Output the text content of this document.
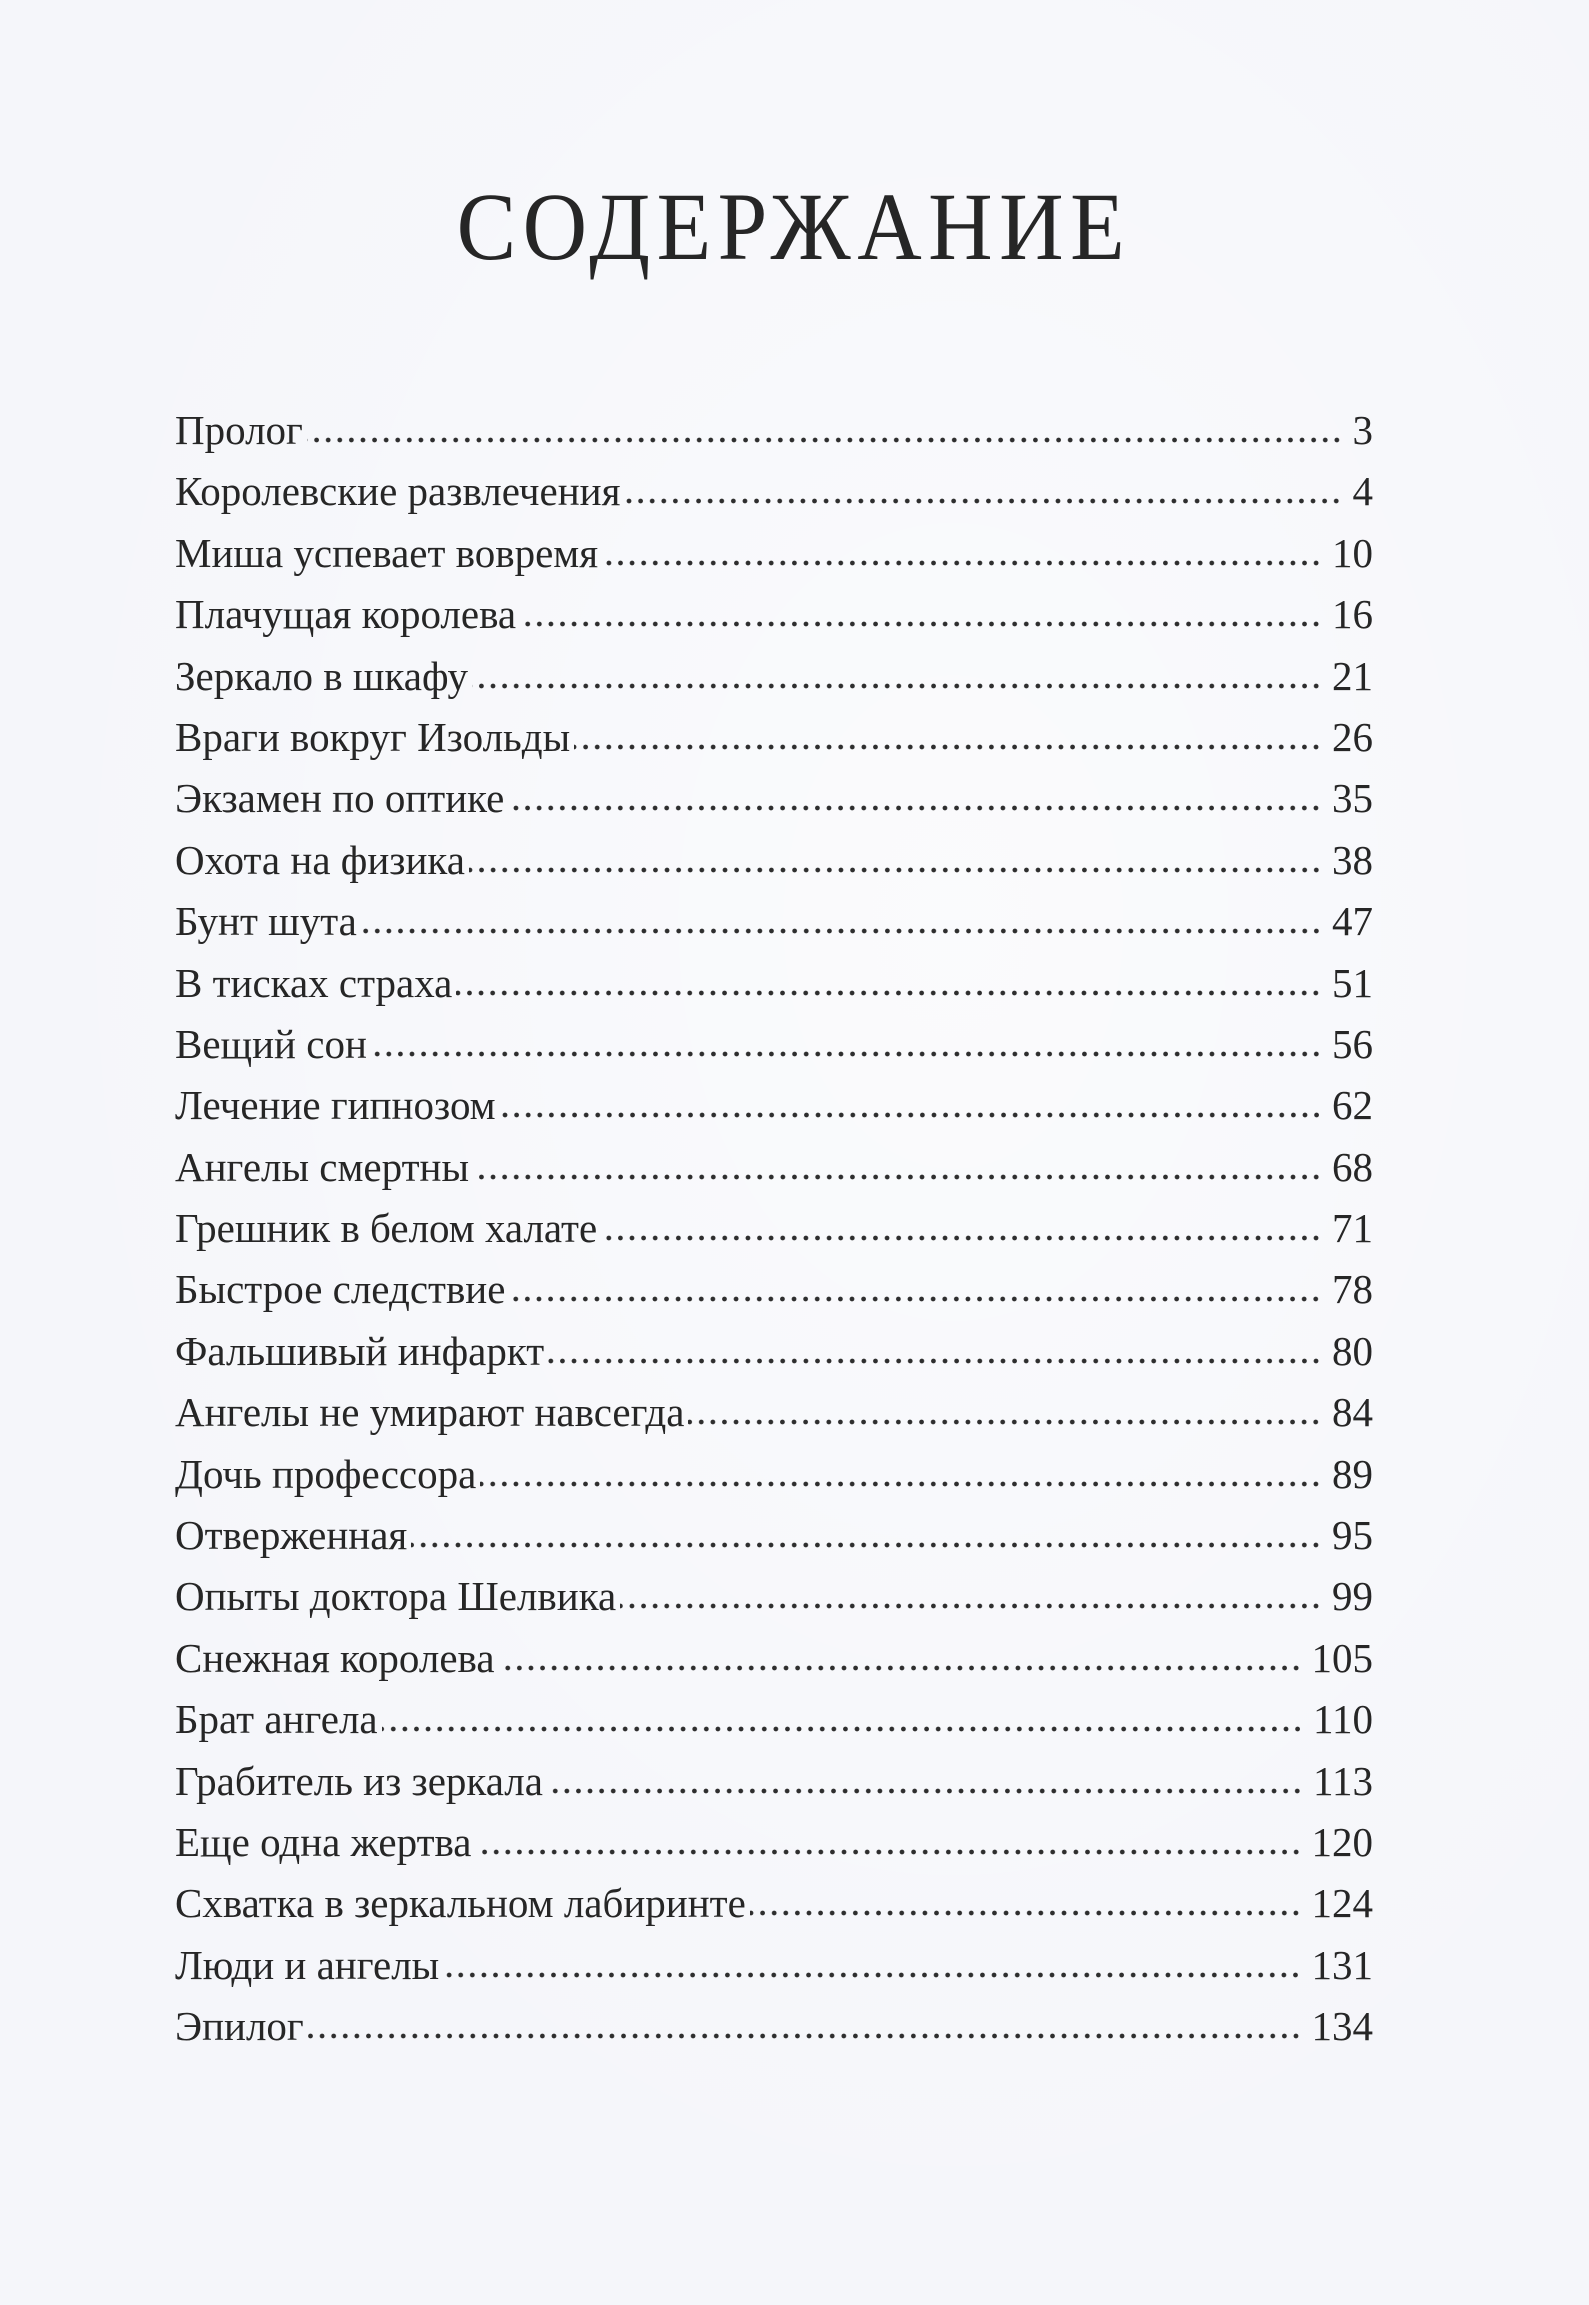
СОДЕРЖАНИЕ
Пролог	3
Королевские развлечения	4
Миша успевает вовремя	10
Плачущая королева	16
Зеркало в шкафу	21
Враги вокруг Изольды	26
Экзамен по оптике	35
Охота на физика	38
Бунт шута	47
В тисках страха	51
Вещий сон	56
Лечение гипнозом	62
Ангелы смертны	68
Грешник в белом халате	71
Быстрое следствие	78
Фальшивый инфаркт	80
Ангелы не умирают навсегда	84
Дочь профессора	89
Отверженная	95
Опыты доктора Шелвика	99
Снежная королева	105
Брат ангела	110
Грабитель из зеркала	113
Еще одна жертва	120
Схватка в зеркальном лабиринте	124
Люди и ангелы	131
Эпилог	134
